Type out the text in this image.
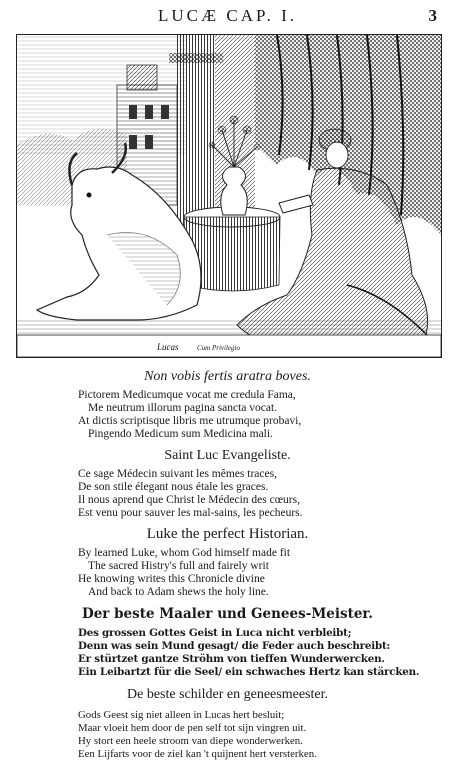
LUCÆ CAP. I.	3
Lucas	Cum Privilegio
Non vobis fertis aratra boves.
Pictorem Medicumque vocat me credula Fama,
Me neutrum illorum pagina sancta vocat.
At dictis scriptisque libris me utrumque probavi,
Pingendo Medicum sum Medicina mali.
Saint Luc Evangeliste.
Ce sage Médecin suivant les mêmes traces,
De son stile élegant nous étale les graces.
Il nous aprend que Christ le Médecin des cœurs,
Est venu pour sauver les mal-sains, les pecheurs.
Luke the perfect Historian.
By learned Luke, whom God himself made fit
The sacred Histry's full and fairely writ
He knowing writes this Chronicle divine
And back to Adam shews the holy line.
Der beste Maaler und Genees-Meister.
Des grossen Gottes Geist in Luca nicht verbleibt;
Denn was sein Mund gesagt/ die Feder auch beschreibt:
Er stürtzet gantze Ströhm von tieffen Wunderwercken.
Ein Leibartzt für die Seel/ ein schwaches Hertz kan stärcken.
De beste schilder en geneesmeester.
Gods Geest sig niet alleen in Lucas hert besluit;
Maar vloeit hem door de pen self tot sijn vingren uit.
Hy stort een heele stroom van diepe wonderwerken.
Een Lijfarts voor de ziel kan 't quijnent hert versterken.
